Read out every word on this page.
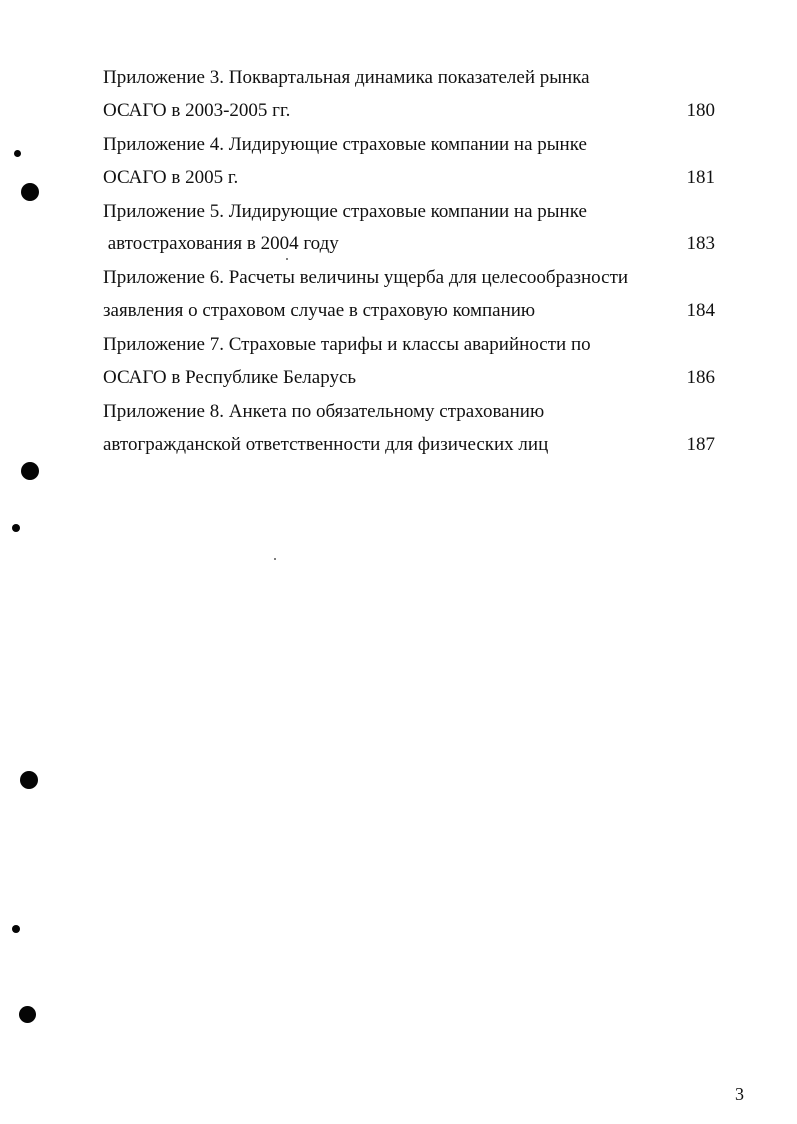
Приложение 3. Поквартальная динамика показателей рынка
ОСАГО в 2003-2005 гг.	180
Приложение 4. Лидирующие страховые компании на рынке
ОСАГО в 2005 г.	181
Приложение 5. Лидирующие страховые компании на рынке
автострахования в 2004 году	183
Приложение 6. Расчеты величины ущерба для целесообразности
заявления о страховом случае в страховую компанию	184
Приложение 7. Страховые тарифы и классы аварийности по
ОСАГО в Республике Беларусь	186
Приложение 8. Анкета по обязательному страхованию
автогражданской ответственности для физических лиц	187
3
